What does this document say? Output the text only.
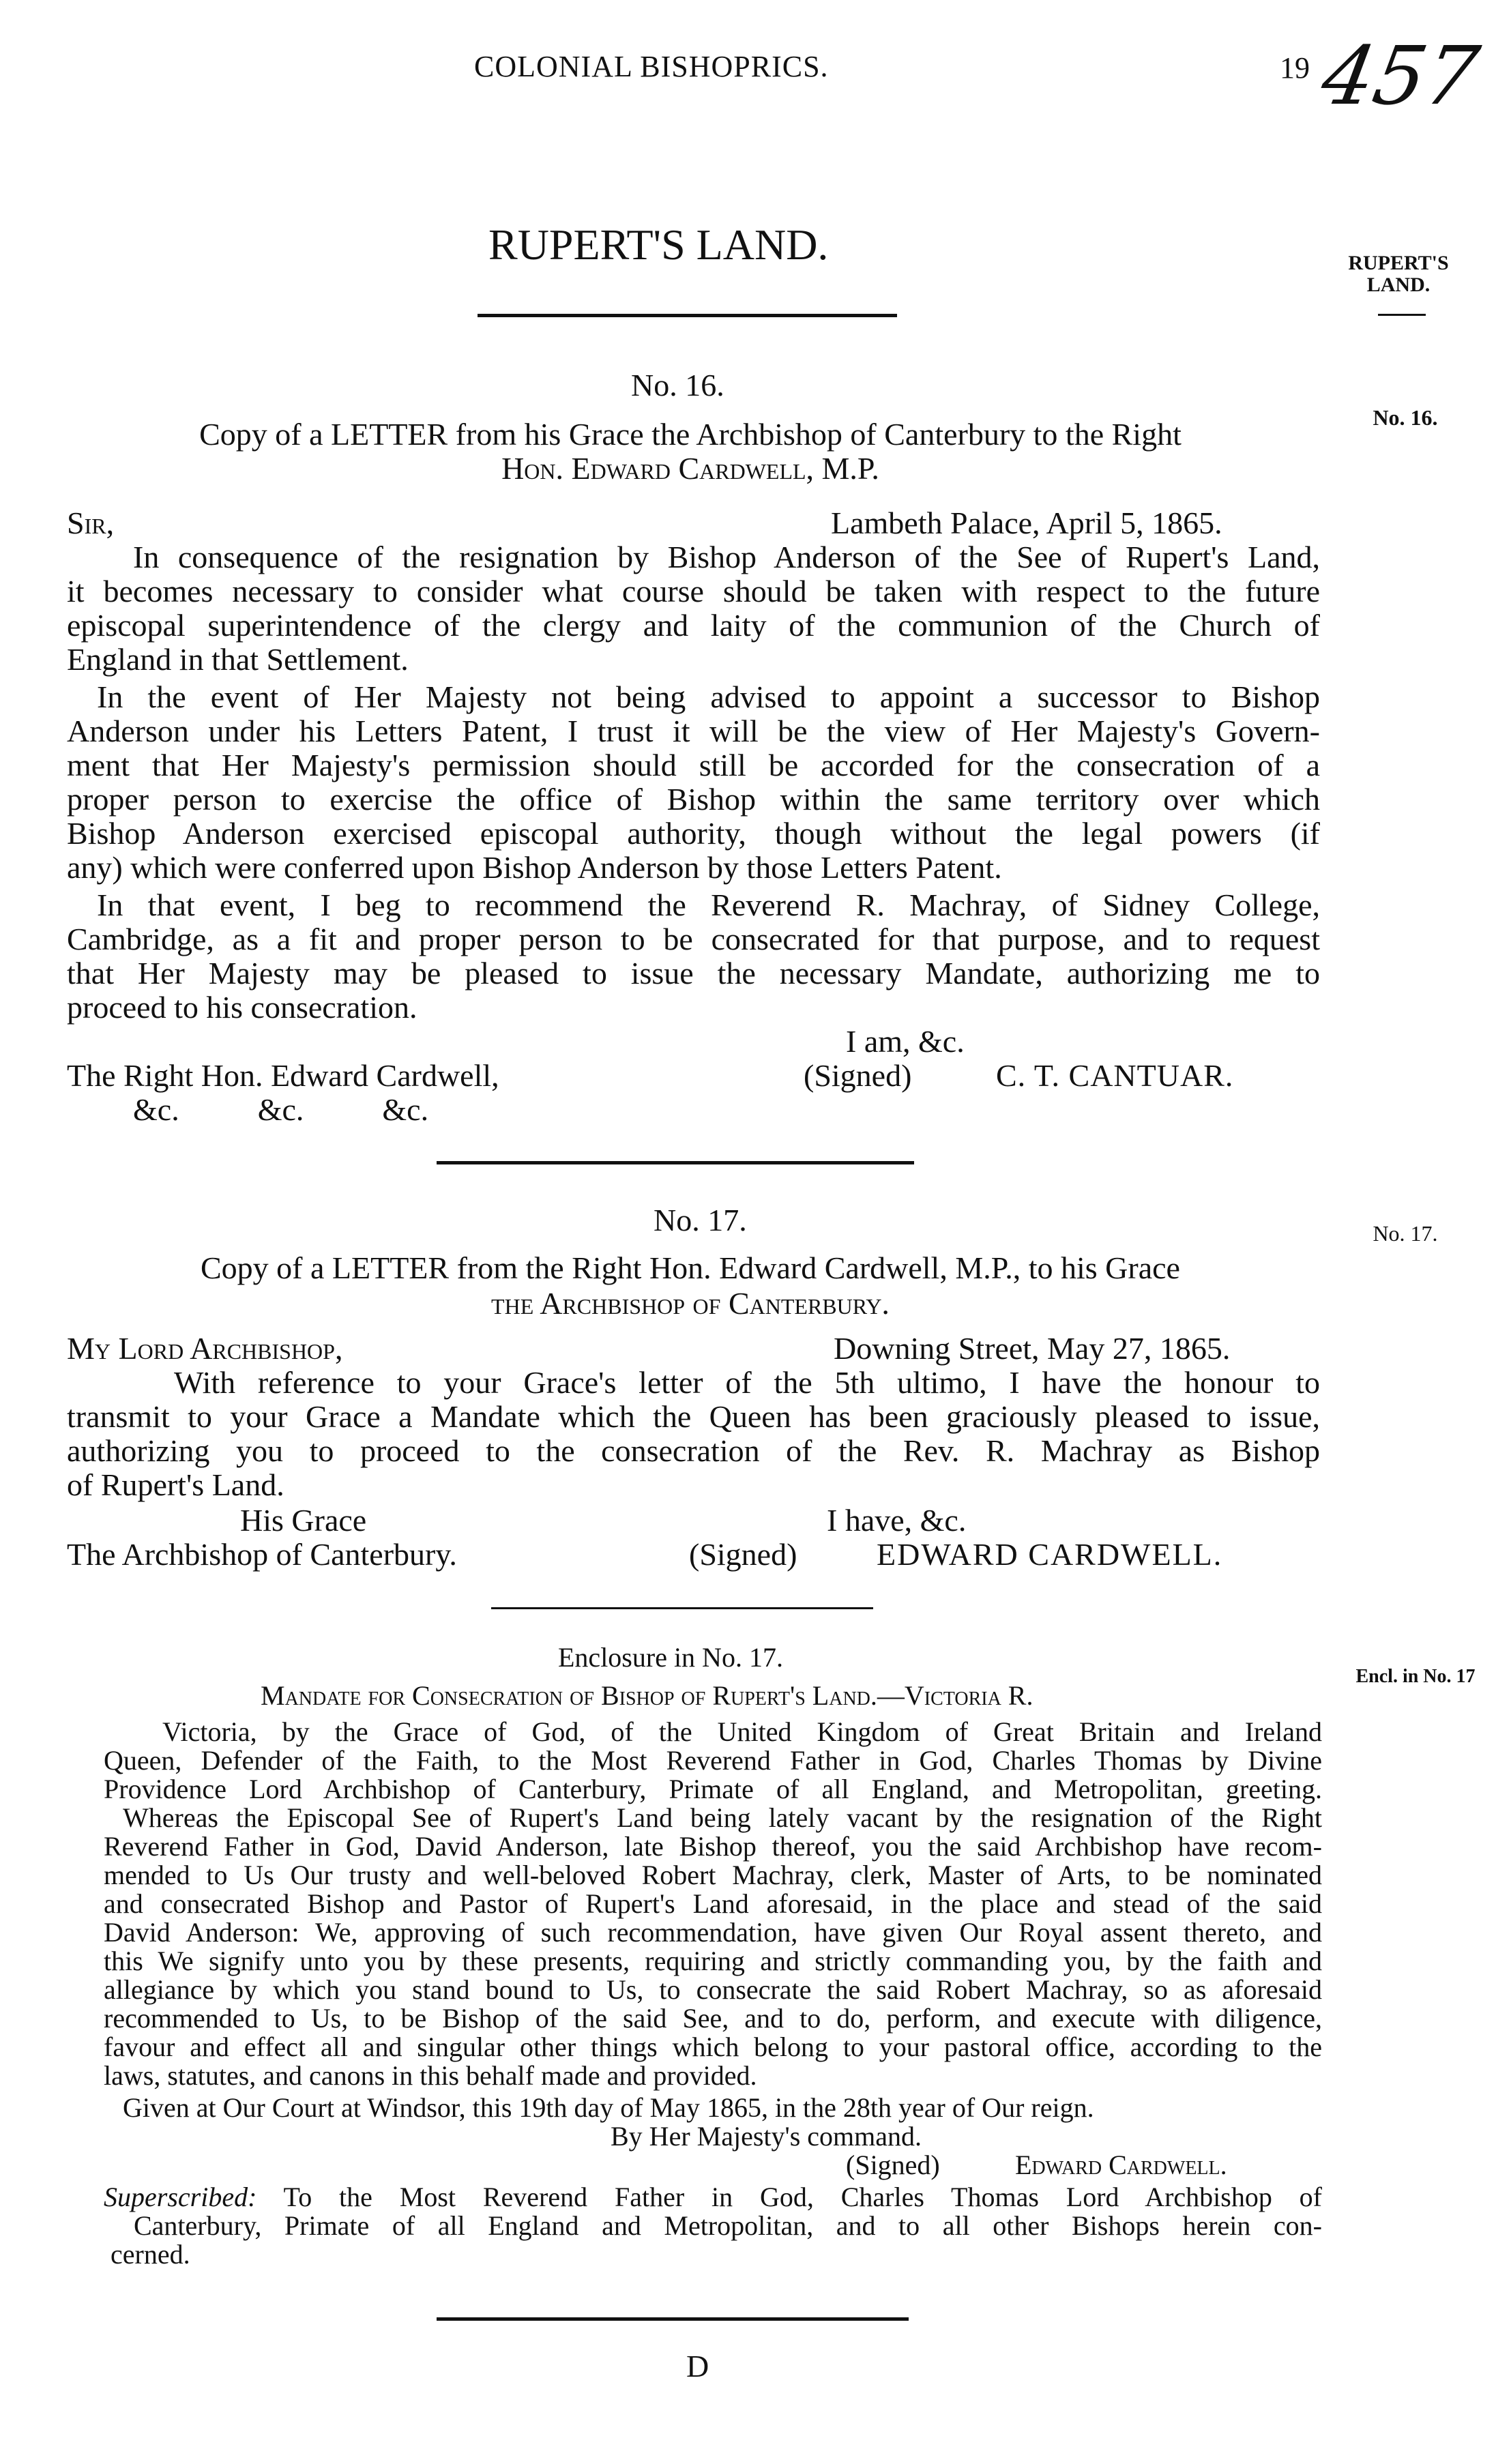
COLONIAL BISHOPRICS.	19 457
RUPERT'S LAND.	RUPERT'S LAND.
No. 16.
No. 17.
Encl. in No. 17
No. 16.
Copy of a LETTER from his Grace the Archbishop of Canterbury to the Right
Hon. Edward Cardwell, M.P.
Sir,	Lambeth Palace, April 5, 1865.
In consequence of the resignation by Bishop Anderson of the See of Rupert's Land,
it becomes necessary to consider what course should be taken with respect to the future
episcopal superintendence of the clergy and laity of the communion of the Church of
England in that Settlement.
In the event of Her Majesty not being advised to appoint a successor to Bishop
Anderson under his Letters Patent, I trust it will be the view of Her Majesty's Govern-
ment that Her Majesty's permission should still be accorded for the consecration of a
proper person to exercise the office of Bishop within the same territory over which
Bishop Anderson exercised episcopal authority, though without the legal powers (if
any) which were conferred upon Bishop Anderson by those Letters Patent.
In that event, I beg to recommend the Reverend R. Machray, of Sidney College,
Cambridge, as a fit and proper person to be consecrated for that purpose, and to request
that Her Majesty may be pleased to issue the necessary Mandate, authorizing me to
proceed to his consecration.
I am, &c.
The Right Hon. Edward Cardwell,	(Signed)	C. T. CANTUAR.
&c.          &c.          &c.
No. 17.
Copy of a LETTER from the Right Hon. Edward Cardwell, M.P., to his Grace
the Archbishop of Canterbury.
My Lord Archbishop,	Downing Street, May 27, 1865.
With reference to your Grace's letter of the 5th ultimo, I have the honour to
transmit to your Grace a Mandate which the Queen has been graciously pleased to issue,
authorizing you to proceed to the consecration of the Rev. R. Machray as Bishop
of Rupert's Land.
His Grace	I have, &c.
The Archbishop of Canterbury.	(Signed)	EDWARD CARDWELL.
Enclosure in No. 17.
Mandate for Consecration of Bishop of Rupert's Land.—Victoria R.
Victoria, by the Grace of God, of the United Kingdom of Great Britain and Ireland
Queen, Defender of the Faith, to the Most Reverend Father in God, Charles Thomas by Divine
Providence Lord Archbishop of Canterbury, Primate of all England, and Metropolitan, greeting.
Whereas the Episcopal See of Rupert's Land being lately vacant by the resignation of the Right
Reverend Father in God, David Anderson, late Bishop thereof, you the said Archbishop have recom-
mended to Us Our trusty and well-beloved Robert Machray, clerk, Master of Arts, to be nominated
and consecrated Bishop and Pastor of Rupert's Land aforesaid, in the place and stead of the said
David Anderson: We, approving of such recommendation, have given Our Royal assent thereto, and
this We signify unto you by these presents, requiring and strictly commanding you, by the faith and
allegiance by which you stand bound to Us, to consecrate the said Robert Machray, so as aforesaid
recommended to Us, to be Bishop of the said See, and to do, perform, and execute with diligence,
favour and effect all and singular other things which belong to your pastoral office, according to the
laws, statutes, and canons in this behalf made and provided.
Given at Our Court at Windsor, this 19th day of May 1865, in the 28th year of Our reign.
By Her Majesty's command.
(Signed)	Edward Cardwell.
Superscribed: To the Most Reverend Father in God, Charles Thomas Lord Archbishop of
Canterbury, Primate of all England and Metropolitan, and to all other Bishops herein con-
cerned.
D
